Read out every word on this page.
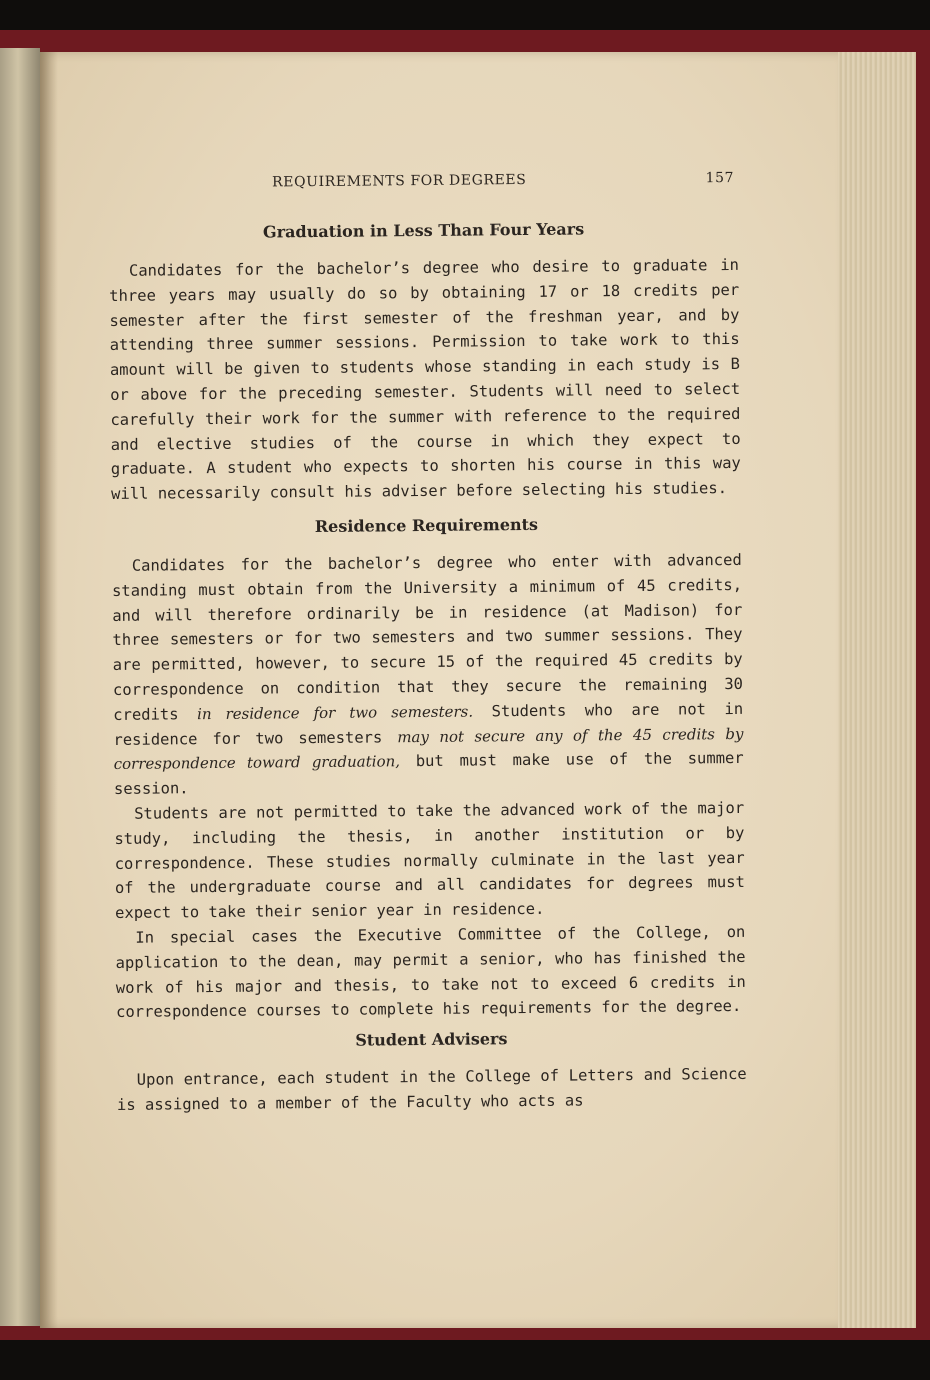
REQUIREMENTS FOR DEGREES	157
Graduation in Less Than Four Years

Candidates for the bachelor’s degree who desire to graduate in three years may usually do so by obtaining 17 or 18 credits per semester after the first semester of the freshman year, and by attending three summer sessions. Permission to take work to this amount will be given to students whose standing in each study is B or above for the preceding semester. Students will need to select carefully their work for the summer with reference to the required and elective studies of the course in which they expect to graduate. A student who expects to shorten his course in this way will necessarily consult his adviser before selecting his studies.

Residence Requirements

Candidates for the bachelor’s degree who enter with advanced standing must obtain from the University a minimum of 45 credits, and will therefore ordinarily be in residence (at Madison) for three semesters or for two semesters and two summer sessions. They are permitted, however, to secure 15 of the required 45 credits by correspondence on condition that they secure the remaining 30 credits in residence for two semesters. Students who are not in residence for two semesters may not secure any of the 45 credits by correspondence toward graduation, but must make use of the summer session.

Students are not permitted to take the advanced work of the major study, including the thesis, in another institution or by correspondence. These studies normally culminate in the last year of the undergraduate course and all candidates for degrees must expect to take their senior year in residence.

In special cases the Executive Committee of the College, on application to the dean, may permit a senior, who has finished the work of his major and thesis, to take not to exceed 6 credits in correspondence courses to complete his requirements for the degree.

Student Advisers

Upon entrance, each student in the College of Letters and Science is assigned to a member of the Faculty who acts as
